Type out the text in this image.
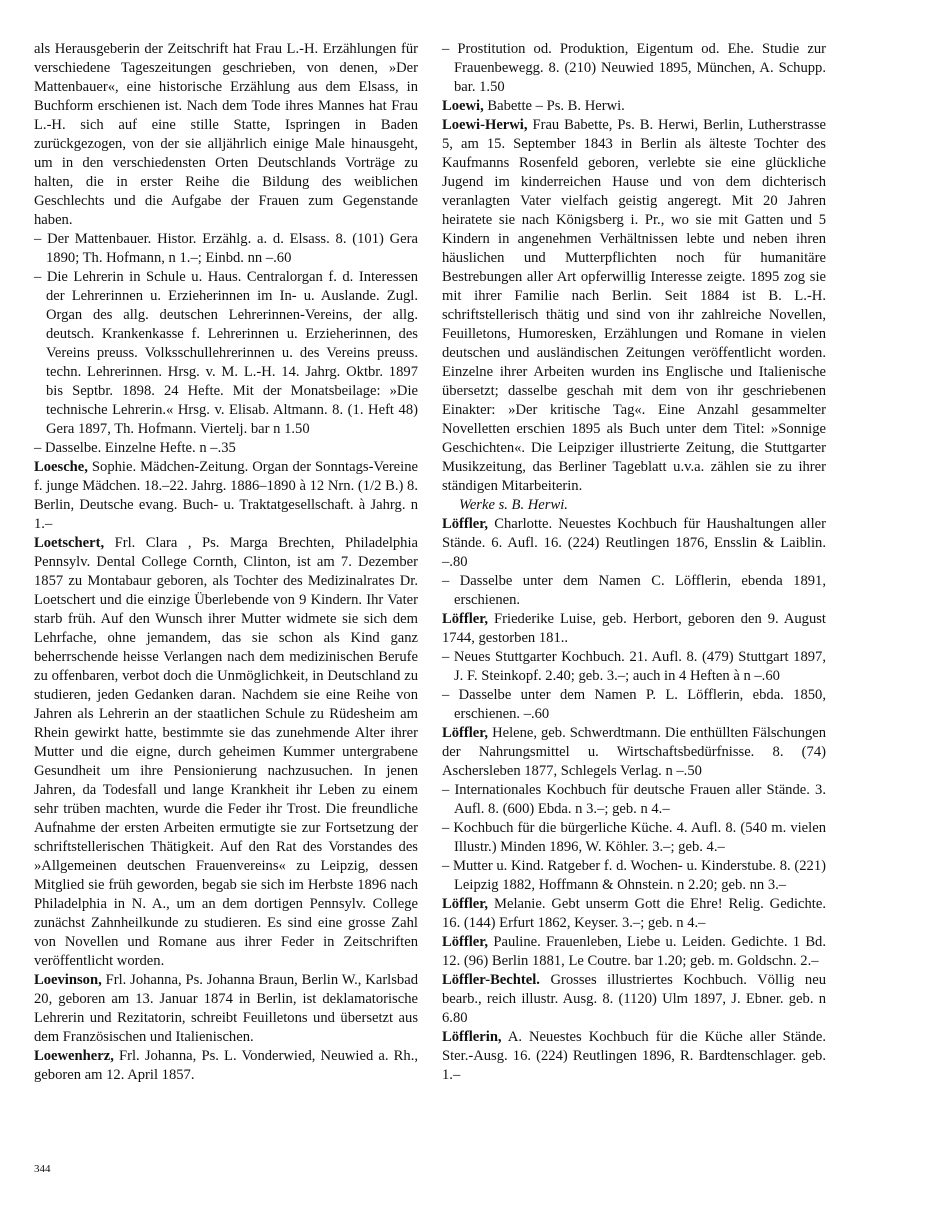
als Herausgeberin der Zeitschrift hat Frau L.-H. Erzählungen für verschiedene Tageszeitungen geschrieben, von denen, »Der Mattenbauer«, eine historische Erzählung aus dem Elsass, in Buchform erschienen ist. Nach dem Tode ihres Mannes hat Frau L.-H. sich auf eine stille Statte, Ispringen in Baden zurückgezogen, von der sie alljährlich einige Male hinausgeht, um in den verschiedensten Orten Deutschlands Vorträge zu halten, die in erster Reihe die Bildung des weiblichen Geschlechts und die Aufgabe der Frauen zum Gegenstande haben.

– Der Mattenbauer. Histor. Erzählg. a. d. Elsass. 8. (101) Gera 1890; Th. Hofmann, n 1.–; Einbd. nn –.60

– Die Lehrerin in Schule u. Haus. Centralorgan f. d. Interessen der Lehrerinnen u. Erzieherinnen im In- u. Auslande. Zugl. Organ des allg. deutschen Lehrerinnen-Vereins, der allg. deutsch. Krankenkasse f. Lehrerinnen u. Erzieherinnen, des Vereins preuss. Volksschullehrerinnen u. des Vereins preuss. techn. Lehrerinnen. Hrsg. v. M. L.-H. 14. Jahrg. Oktbr. 1897 bis Septbr. 1898. 24 Hefte. Mit der Monatsbeilage: »Die technische Lehrerin.« Hrsg. v. Elisab. Altmann. 8. (1. Heft 48) Gera 1897, Th. Hofmann. Viertelj. bar n 1.50

– Dasselbe. Einzelne Hefte. n –.35

Loesche, Sophie. Mädchen-Zeitung. Organ der Sonntags-Vereine f. junge Mädchen. 18.–22. Jahrg. 1886–1890 à 12 Nrn. (1/2 B.) 8. Berlin, Deutsche evang. Buch- u. Traktatgesellschaft. à Jahrg. n 1.–

Loetschert, Frl. Clara , Ps. Marga Brechten, Philadelphia Pennsylv. Dental College Cornth, Clinton, ist am 7. Dezember 1857 zu Montabaur geboren, als Tochter des Medizinalrates Dr. Loetschert und die einzige Überlebende von 9 Kindern. Ihr Vater starb früh. Auf den Wunsch ihrer Mutter widmete sie sich dem Lehrfache, ohne jemandem, das sie schon als Kind ganz beherrschende heisse Verlangen nach dem medizinischen Berufe zu offenbaren, verbot doch die Unmöglichkeit, in Deutschland zu studieren, jeden Gedanken daran. Nachdem sie eine Reihe von Jahren als Lehrerin an der staatlichen Schule zu Rüdesheim am Rhein gewirkt hatte, bestimmte sie das zunehmende Alter ihrer Mutter und die eigne, durch geheimen Kummer untergrabene Gesundheit um ihre Pensionierung nachzusuchen. In jenen Jahren, da Todesfall und lange Krankheit ihr Leben zu einem sehr trüben machten, wurde die Feder ihr Trost. Die freundliche Aufnahme der ersten Arbeiten ermutigte sie zur Fortsetzung der schriftstellerischen Thätigkeit. Auf den Rat des Vorstandes des »Allgemeinen deutschen Frauenvereins« zu Leipzig, dessen Mitglied sie früh geworden, begab sie sich im Herbste 1896 nach Philadelphia in N. A., um an dem dortigen Pennsylv. College zunächst Zahnheilkunde zu studieren. Es sind eine grosse Zahl von Novellen und Romane aus ihrer Feder in Zeitschriften veröffentlicht worden.

Loevinson, Frl. Johanna, Ps. Johanna Braun, Berlin W., Karlsbad 20, geboren am 13. Januar 1874 in Berlin, ist deklamatorische Lehrerin und Rezitatorin, schreibt Feuilletons und übersetzt aus dem Französischen und Italienischen.

Loewenherz, Frl. Johanna, Ps. L. Vonderwied, Neuwied a. Rh., geboren am 12. April 1857.

– Prostitution od. Produktion, Eigentum od. Ehe. Studie zur Frauenbewegg. 8. (210) Neuwied 1895, München, A. Schupp. bar. 1.50

Loewi, Babette – Ps. B. Herwi.

Loewi-Herwi, Frau Babette, Ps. B. Herwi, Berlin, Lutherstrasse 5, am 15. September 1843 in Berlin als älteste Tochter des Kaufmanns Rosenfeld geboren, verlebte sie eine glückliche Jugend im kinderreichen Hause und von dem dichterisch veranlagten Vater vielfach geistig angeregt. Mit 20 Jahren heiratete sie nach Königsberg i. Pr., wo sie mit Gatten und 5 Kindern in angenehmen Verhältnissen lebte und neben ihren häuslichen und Mutterpflichten noch für humanitäre Bestrebungen aller Art opferwillig Interesse zeigte. 1895 zog sie mit ihrer Familie nach Berlin. Seit 1884 ist B. L.-H. schriftstellerisch thätig und sind von ihr zahlreiche Novellen, Feuilletons, Humoresken, Erzählungen und Romane in vielen deutschen und ausländischen Zeitungen veröffentlicht worden. Einzelne ihrer Arbeiten wurden ins Englische und Italienische übersetzt; dasselbe geschah mit dem von ihr geschriebenen Einakter: »Der kritische Tag«. Eine Anzahl gesammelter Novelletten erschien 1895 als Buch unter dem Titel: »Sonnige Geschichten«. Die Leipziger illustrierte Zeitung, die Stuttgarter Musikzeitung, das Berliner Tageblatt u.v.a. zählen sie zu ihrer ständigen Mitarbeiterin.

Werke s. B. Herwi.

Löffler, Charlotte. Neuestes Kochbuch für Haushaltungen aller Stände. 6. Aufl. 16. (224) Reutlingen 1876, Ensslin & Laiblin. –.80

– Dasselbe unter dem Namen C. Löfflerin, ebenda 1891, erschienen.

Löffler, Friederike Luise, geb. Herbort, geboren den 9. August 1744, gestorben 181..

– Neues Stuttgarter Kochbuch. 21. Aufl. 8. (479) Stuttgart 1897, J. F. Steinkopf. 2.40; geb. 3.–; auch in 4 Heften à n –.60

– Dasselbe unter dem Namen P. L. Löfflerin, ebda. 1850, erschienen. –.60

Löffler, Helene, geb. Schwerdtmann. Die enthüllten Fälschungen der Nahrungsmittel u. Wirtschaftsbedürfnisse. 8. (74) Aschersleben 1877, Schlegels Verlag. n –.50

– Internationales Kochbuch für deutsche Frauen aller Stände. 3. Aufl. 8. (600) Ebda. n 3.–; geb. n 4.–

– Kochbuch für die bürgerliche Küche. 4. Aufl. 8. (540 m. vielen Illustr.) Minden 1896, W. Köhler. 3.–; geb. 4.–

– Mutter u. Kind. Ratgeber f. d. Wochen- u. Kinderstube. 8. (221) Leipzig 1882, Hoffmann & Ohnstein. n 2.20; geb. nn 3.–

Löffler, Melanie. Gebt unserm Gott die Ehre! Relig. Gedichte. 16. (144) Erfurt 1862, Keyser. 3.–; geb. n 4.–

Löffler, Pauline. Frauenleben, Liebe u. Leiden. Gedichte. 1 Bd. 12. (96) Berlin 1881, Le Coutre. bar 1.20; geb. m. Goldschn. 2.–

Löffler-Bechtel. Grosses illustriertes Kochbuch. Völlig neu bearb., reich illustr. Ausg. 8. (1120) Ulm 1897, J. Ebner. geb. n 6.80

Löfflerin, A. Neuestes Kochbuch für die Küche aller Stände. Ster.-Ausg. 16. (224) Reutlingen 1896, R. Bardtenschlager. geb. 1.–

344
